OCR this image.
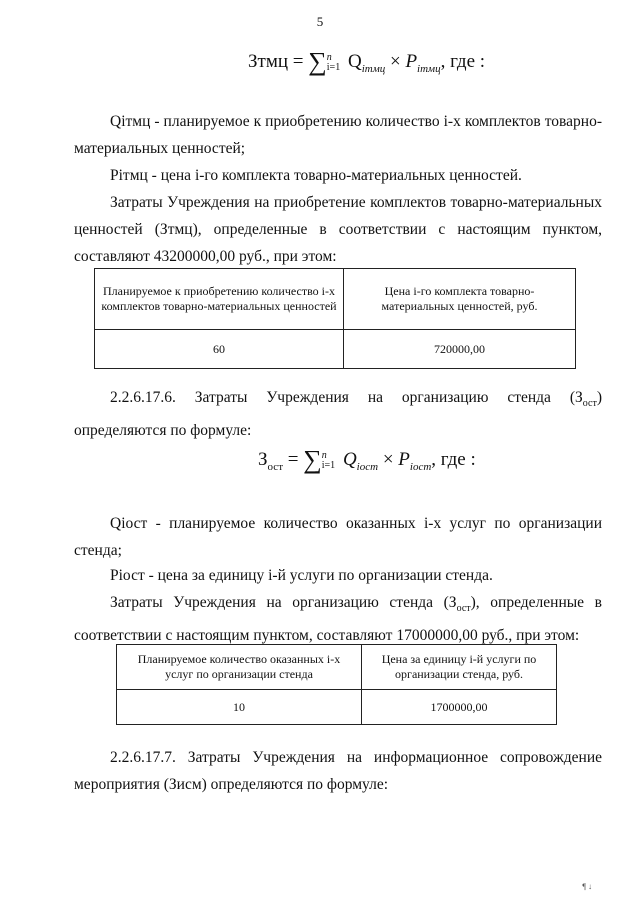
5
Зтмц = ∑ n
i=1 $Q_{iтмц} \times P_{iтмц}$, где :

Qiтмц - планируемое к приобретению количество i-х комплектов товарно-материальных ценностей;

Piтмц - цена i-го комплекта товарно-материальных ценностей.

Затраты Учреждения на приобретение комплектов товарно-материальных ценностей (Зтмц), определенные в соответствии с настоящим пунктом, составляют 43200000,00 руб., при этом:

Планируемое к приобретению количество i-х комплектов товарно-материальных ценностей	Цена i-го комплекта товарно-материальных ценностей, руб.
60	720000,00

2.2.6.17.6. Затраты Учреждения на организацию стенда $(З_{ост})$ определяются по формуле:

$З_{ост}$ = ∑ n
i=1 $Q_{iост} \times P_{iост}$, где :

Qiост - планируемое количество оказанных i-х услуг по организации стенда;

Piост - цена за единицу i-й услуги по организации стенда.

Затраты Учреждения на организацию стенда $(З_{ост})$, определенные в соответствии с настоящим пунктом, составляют 17000000,00 руб., при этом:

Планируемое количество оказанных i-х услуг по организации стенда	Цена за единицу i-й услуги по организации стенда, руб.
10	1700000,00

2.2.6.17.7. Затраты Учреждения на информационное сопровождение мероприятия (Зисм) определяются по формуле:

¶ ↓
